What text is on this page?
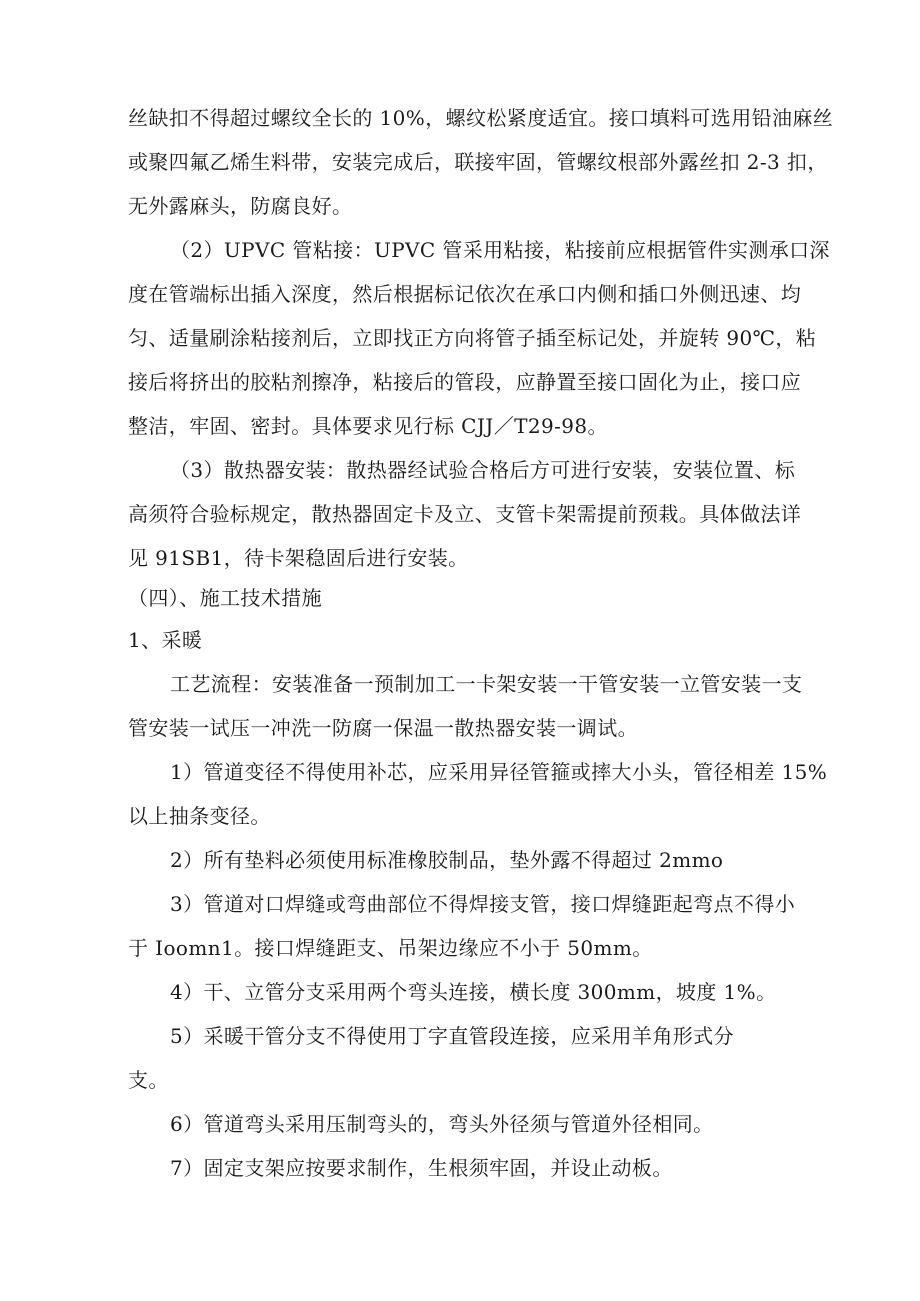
丝缺扣不得超过螺纹全长的 10%，螺纹松紧度适宜。接口填料可选用铅油麻丝
或聚四氟乙烯生料带，安装完成后，联接牢固，管螺纹根部外露丝扣 2-3 扣，
无外露麻头，防腐良好。
（2）UPVC 管粘接：UPVC 管采用粘接，粘接前应根据管件实测承口深
度在管端标出插入深度，然后根据标记依次在承口内侧和插口外侧迅速、均
匀、适量刷涂粘接剂后，立即找正方向将管子插至标记处，并旋转 90℃，粘
接后将挤出的胶粘剂擦净，粘接后的管段，应静置至接口固化为止，接口应
整洁，牢固、密封。具体要求见行标 CJJ／T29-98。
（3）散热器安装：散热器经试验合格后方可进行安装，安装位置、标
高须符合验标规定，散热器固定卡及立、支管卡架需提前预栽。具体做法详
见 91SB1，待卡架稳固后进行安装。
（四）、施工技术措施
1、采暖
工艺流程：安装准备一预制加工一卡架安装一干管安装一立管安装一支
管安装一试压一冲洗一防腐一保温一散热器安装一调试。
1）管道变径不得使用补芯，应采用异径管箍或摔大小头，管径相差 15%
以上抽条变径。
2）所有垫料必须使用标准橡胶制品，垫外露不得超过 2mmo
3）管道对口焊缝或弯曲部位不得焊接支管，接口焊缝距起弯点不得小
于 Ioomn1。接口焊缝距支、吊架边缘应不小于 50mm。
4）干、立管分支采用两个弯头连接，横长度 300mm，坡度 1%。
5）采暖干管分支不得使用丁字直管段连接，应采用羊角形式分
支。
6）管道弯头采用压制弯头的，弯头外径须与管道外径相同。
7）固定支架应按要求制作，生根须牢固，并设止动板。
